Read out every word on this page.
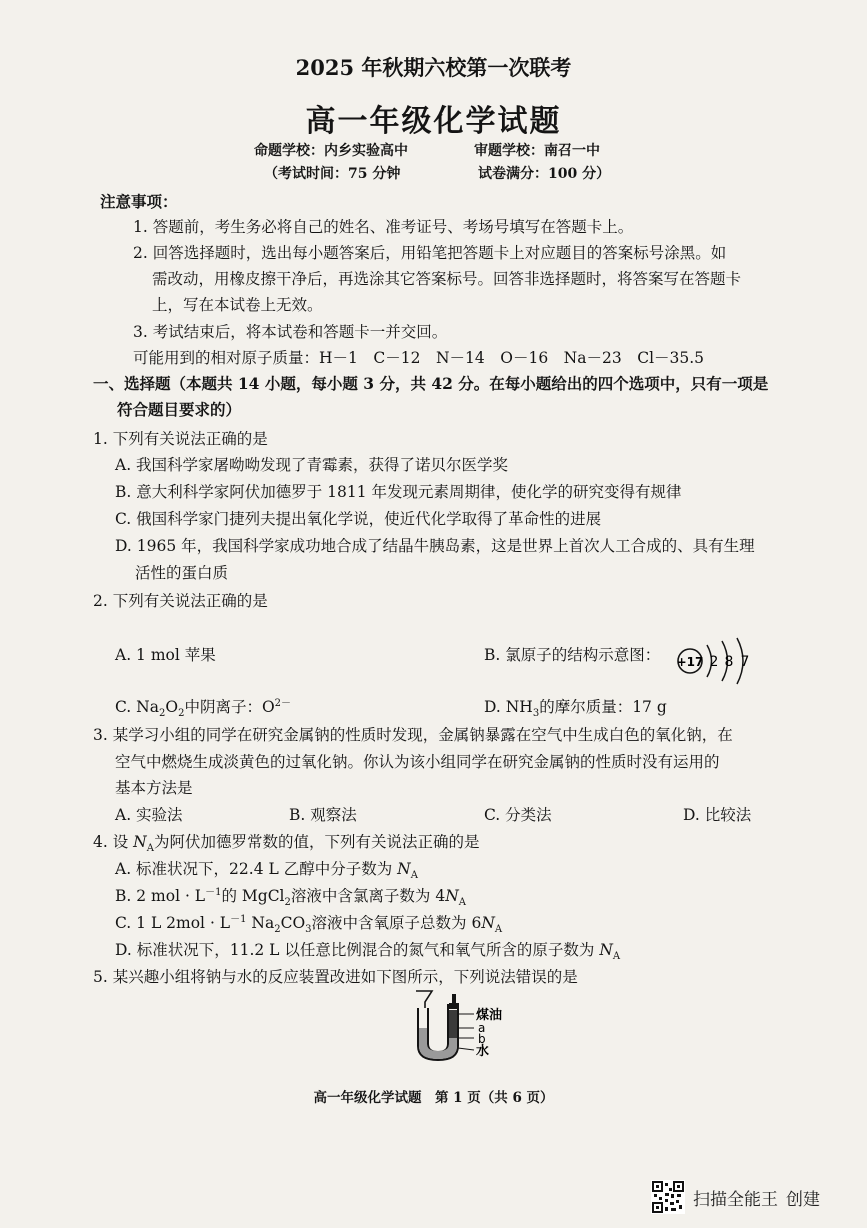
2025 年秋期六校第一次联考
高一年级化学试题
命题学校：内乡实验高中	审题学校：南召一中
（考试时间：75 分钟	试卷满分：100 分）
注意事项：
1. 答题前，考生务必将自己的姓名、准考证号、考场号填写在答题卡上。
2. 回答选择题时，选出每小题答案后，用铅笔把答题卡上对应题目的答案标号涂黑。如
需改动，用橡皮擦干净后，再选涂其它答案标号。回答非选择题时，将答案写在答题卡
上，写在本试卷上无效。
3. 考试结束后，将本试卷和答题卡一并交回。
可能用到的相对原子质量：H－1　C－12　N－14　O－16　Na－23　Cl－35.5
一、选择题（本题共 14 小题，每小题 3 分，共 42 分。在每小题给出的四个选项中，只有一项是
符合题目要求的）
1. 下列有关说法正确的是
A. 我国科学家屠呦呦发现了青霉素，获得了诺贝尔医学奖
B. 意大利科学家阿伏加德罗于 1811 年发现元素周期律，使化学的研究变得有规律
C. 俄国科学家门捷列夫提出氧化学说，使近代化学取得了革命性的进展
D. 1965 年，我国科学家成功地合成了结晶牛胰岛素，这是世界上首次人工合成的、具有生理
活性的蛋白质
2. 下列有关说法正确的是
A. 1 mol 苹果	B. 氯原子的结构示意图： +17 2 8 7
C. $Na_2O_2$中阴离子：$O^{2-}$	D. $NH_3$的摩尔质量：17 g
3. 某学习小组的同学在研究金属钠的性质时发现，金属钠暴露在空气中生成白色的氧化钠，在
空气中燃烧生成淡黄色的过氧化钠。你认为该小组同学在研究金属钠的性质时没有运用的
基本方法是
A. 实验法	B. 观察法	C. 分类法	D. 比较法
4. 设 $N_A$为阿伏加德罗常数的值，下列有关说法正确的是
A. 标准状况下，22.4 L 乙醇中分子数为 $N_A$
B. 2 mol · $L^{-1}$的 MgCl$_2$溶液中含氯离子数为 $4N_A$
C. 1 L $2mol \cdot L^{-1}$ $Na_2CO_3$溶液中含氧原子总数为 $6N_A$
D. 标准状况下，11.2 L 以任意比例混合的氮气和氧气所含的原子数为 $N_A$
5. 某兴趣小组将钠与水的反应装置改进如下图所示，下列说法错误的是
煤油
a
b
水
高一年级化学试题　第 1 页（共 6 页）
扫描全能王 创建
